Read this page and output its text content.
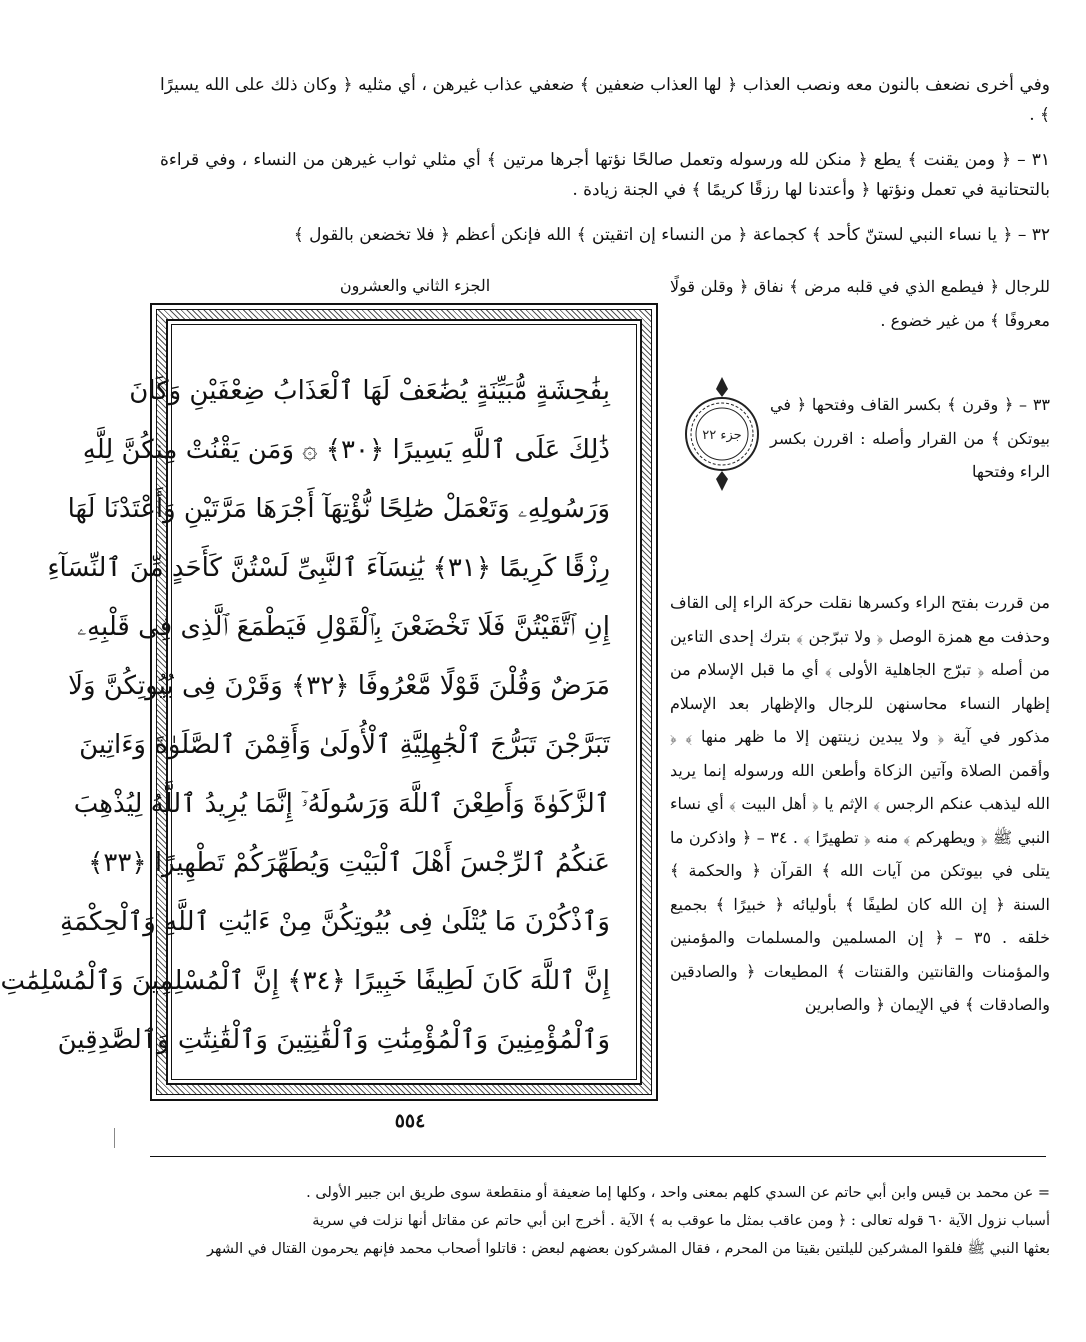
وفي أخرى نضعف بالنون معه ونصب العذاب ﴿ لها العذاب ضعفين ﴾ ضعفي عذاب غيرهن ، أي مثليه ﴿ وكان ذلك على الله يسيرًا ﴾ .
٣١ – ﴿ ومن يقنت ﴾ يطع ﴿ منكن لله ورسوله وتعمل صالحًا نؤتها أجرها مرتين ﴾ أي مثلي ثواب غيرهن من النساء ، وفي قراءة بالتحتانية في تعمل ونؤتها ﴿ وأعتدنا لها رزقًا كريمًا ﴾ في الجنة زيادة .
٣٢ – ﴿ يا نساء النبي لستنّ كأحد ﴾ كجماعة ﴿ من النساء إن اتقيتن ﴾ الله فإنكن أعظم ﴿ فلا تخضعن بالقول ﴾
الجزء الثاني والعشرون
بِفَٰحِشَةٍ مُّبَيِّنَةٍ يُضَٰعَفْ لَهَا ٱلْعَذَابُ ضِعْفَيْنِ وَكَانَ
ذَٰلِكَ عَلَى ٱللَّهِ يَسِيرًا ﴿٣٠﴾ ۞ وَمَن يَقْنُتْ مِنكُنَّ لِلَّهِ
وَرَسُولِهِۦ وَتَعْمَلْ صَٰلِحًا نُّؤْتِهَآ أَجْرَهَا مَرَّتَيْنِ وَأَعْتَدْنَا لَهَا
رِزْقًا كَرِيمًا ﴿٣١﴾ يَٰنِسَآءَ ٱلنَّبِىِّ لَسْتُنَّ كَأَحَدٍ مِّنَ ٱلنِّسَآءِ
إِنِ ٱتَّقَيْتُنَّ فَلَا تَخْضَعْنَ بِٱلْقَوْلِ فَيَطْمَعَ ٱلَّذِى فِى قَلْبِهِۦ
مَرَضٌ وَقُلْنَ قَوْلًا مَّعْرُوفًا ﴿٣٢﴾ وَقَرْنَ فِى بُيُوتِكُنَّ وَلَا
تَبَرَّجْنَ تَبَرُّجَ ٱلْجَٰهِلِيَّةِ ٱلْأُولَىٰ وَأَقِمْنَ ٱلصَّلَوٰةَ وَءَاتِينَ
ٱلزَّكَوٰةَ وَأَطِعْنَ ٱللَّهَ وَرَسُولَهُۥٓ إِنَّمَا يُرِيدُ ٱللَّهُ لِيُذْهِبَ
عَنكُمُ ٱلرِّجْسَ أَهْلَ ٱلْبَيْتِ وَيُطَهِّرَكُمْ تَطْهِيرًا ﴿٣٣﴾
وَٱذْكُرْنَ مَا يُتْلَىٰ فِى بُيُوتِكُنَّ مِنْ ءَايَٰتِ ٱللَّهِ وَٱلْحِكْمَةِ
إِنَّ ٱللَّهَ كَانَ لَطِيفًا خَبِيرًا ﴿٣٤﴾ إِنَّ ٱلْمُسْلِمِينَ وَٱلْمُسْلِمَٰتِ
وَٱلْمُؤْمِنِينَ وَٱلْمُؤْمِنَٰتِ وَٱلْقَٰنِتِينَ وَٱلْقَٰنِتَٰتِ وَٱلصَّٰدِقِينَ
للرجال ﴿ فيطمع الذي في قلبه مرض ﴾ نفاق ﴿ وقلن قولًا معروفًا ﴾ من غير خضوع .
٣٣ – ﴿ وقرن ﴾ بكسر القاف وفتحها ﴿ في بيوتكن ﴾ من القرار وأصله : اقررن بكسر الراء وفتحها
من قررت بفتح الراء وكسرها نقلت حركة الراء إلى القاف وحذفت مع همزة الوصل ﴿ ولا تبرّجن ﴾ بترك إحدى التاءين من أصله ﴿ تبرّج الجاهلية الأولى ﴾ أي ما قبل الإسلام من إظهار النساء محاسنهن للرجال والإظهار بعد الإسلام مذكور في آية ﴿ ولا يبدين زينتهن إلا ما ظهر منها ﴾ ﴿ وأقمن الصلاة وآتين الزكاة وأطعن الله ورسوله إنما يريد الله ليذهب عنكم الرجس ﴾ الإثم يا ﴿ أهل البيت ﴾ أي نساء النبي ﷺ ﴿ ويطهركم ﴾ منه ﴿ تطهيرًا ﴾ . ٣٤ – ﴿ واذكرن ما يتلى في بيوتكن من آيات الله ﴾ القرآن ﴿ والحكمة ﴾ السنة ﴿ إن الله كان لطيفًا ﴾ بأوليائه ﴿ خبيرًا ﴾ بجميع خلقه . ٣٥ – ﴿ إن المسلمين والمسلمات والمؤمنين والمؤمنات والقانتين والقنتات ﴾ المطيعات ﴿ والصادقين والصادقات ﴾ في الإيمان ﴿ والصابرين
جزء ٢٢
٥٥٤
= عن محمد بن قيس وابن أبي حاتم عن السدي كلهم بمعنى واحد ، وكلها إما ضعيفة أو منقطعة سوى طريق ابن جبير الأولى .
أسباب نزول الآية ٦٠ قوله تعالى : ﴿ ومن عاقب بمثل ما عوقب به ﴾ الآية . أخرج ابن أبي حاتم عن مقاتل أنها نزلت في سرية
بعثها النبي ﷺ فلقوا المشركين لليلتين بقيتا من المحرم ، فقال المشركون بعضهم لبعض : قاتلوا أصحاب محمد فإنهم يحرمون القتال في الشهر
